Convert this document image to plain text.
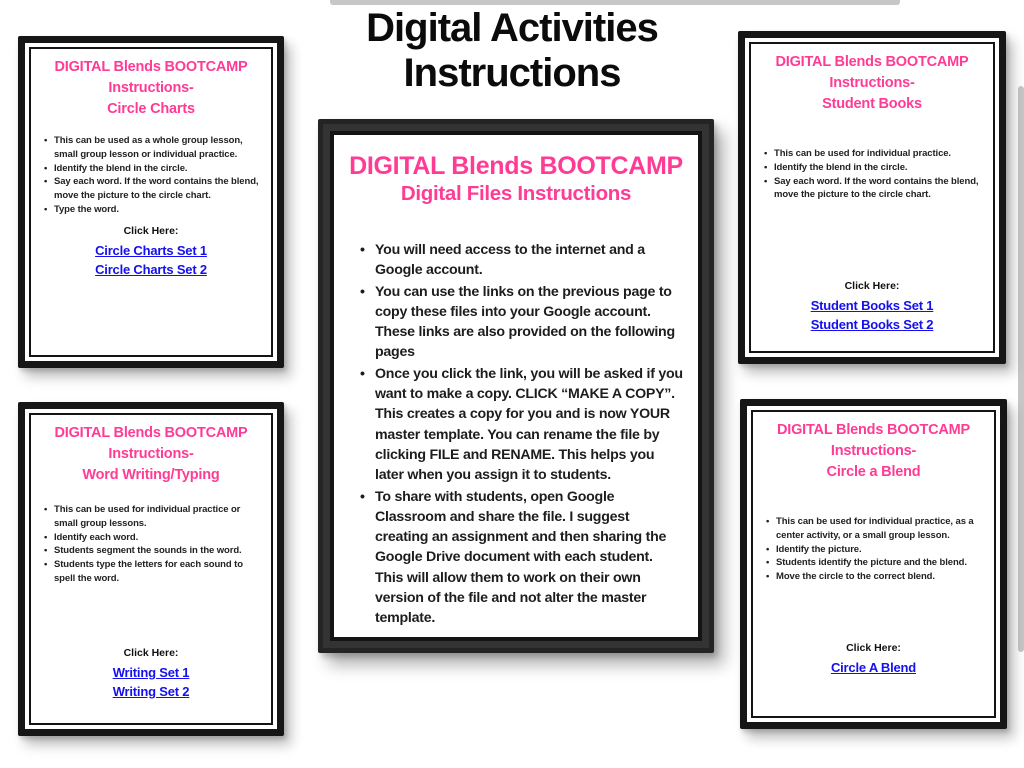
Digital Activities
Instructions
DIGITAL Blends BOOTCAMP
Instructions-
Circle Charts
• This can be used as a whole group lesson, small group lesson or individual practice.
• Identify the blend in the circle.
• Say each word. If the word contains the blend, move the picture to the circle chart.
• Type the word.
Click Here:
Circle Charts Set 1
Circle Charts Set 2
DIGITAL Blends BOOTCAMP
Instructions-
Student Books
• This can be used for individual practice.
• Identify the blend in the circle.
• Say each word. If the word contains the blend, move the picture to the circle chart.
Click Here:
Student Books Set 1
Student Books Set 2
DIGITAL Blends BOOTCAMP
Instructions-
Word Writing/Typing
• This can be used for individual practice or small group lessons.
• Identify each word.
• Students segment the sounds in the word.
• Students type the letters for each sound to spell the word.
Click Here:
Writing Set 1
Writing Set 2
DIGITAL Blends BOOTCAMP
Instructions-
Circle a Blend
• This can be used for individual practice, as a center activity, or a small group lesson.
• Identify the picture.
• Students identify the picture and the blend.
• Move the circle to the correct blend.
Click Here:
Circle A Blend
DIGITAL Blends BOOTCAMP
Digital Files Instructions
• You will need access to the internet and a Google account.
• You can use the links on the previous page to copy these files into your Google account. These links are also provided on the following pages
• Once you click the link, you will be asked if you want to make a copy. CLICK “MAKE A COPY”. This creates a copy for you and is now YOUR master template. You can rename the file by clicking FILE and RENAME. This helps you later when you assign it to students.
• To share with students, open Google Classroom and share the file. I suggest creating an assignment and then sharing the Google Drive document with each student. This will allow them to work on their own version of the file and not alter the master template.
